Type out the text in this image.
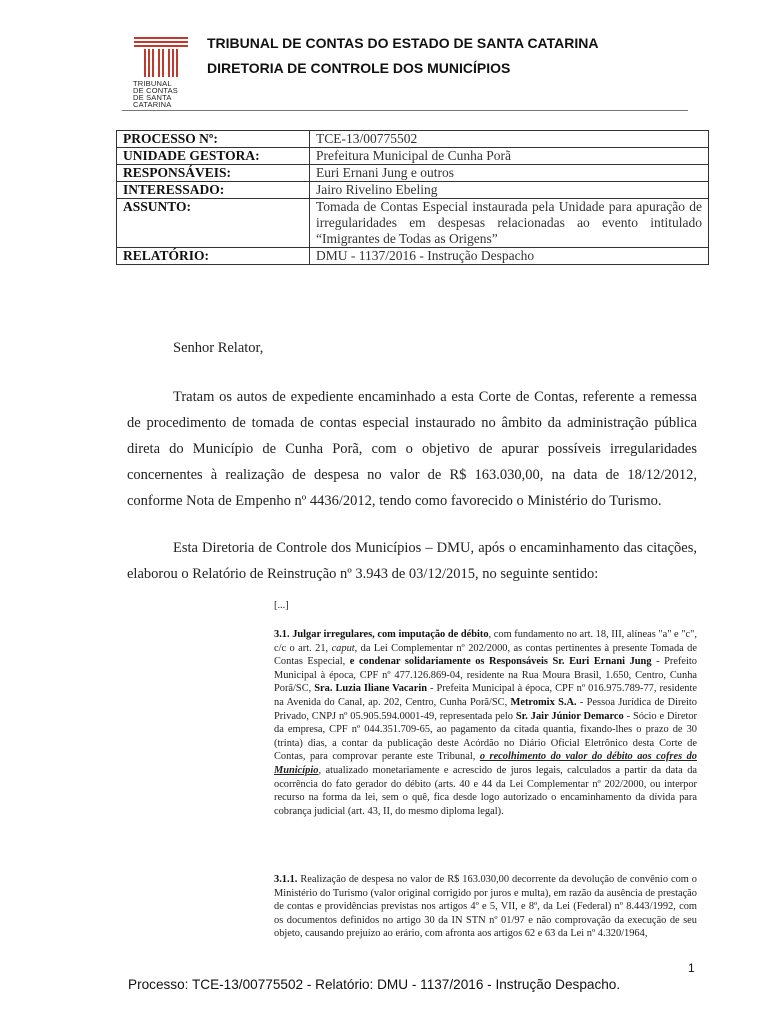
TRIBUNAL
DE CONTAS
DE SANTA
CATARINA
TRIBUNAL DE CONTAS DO ESTADO DE SANTA CATARINA
DIRETORIA DE CONTROLE DOS MUNICÍPIOS
PROCESSO Nº:	TCE-13/00775502
UNIDADE GESTORA:	Prefeitura Municipal de Cunha Porã
RESPONSÁVEIS:	Euri Ernani Jung e outros
INTERESSADO:	Jairo Rivelino Ebeling
ASSUNTO:	Tomada de Contas Especial instaurada pela Unidade para apuração de irregularidades em despesas relacionadas ao evento intitulado “Imigrantes de Todas as Origens”
RELATÓRIO:	DMU - 1137/2016 - Instrução Despacho
Senhor Relator,

Tratam os autos de expediente encaminhado a esta Corte de Contas, referente a remessa de procedimento de tomada de contas especial instaurado no âmbito da administração pública direta do Município de Cunha Porã, com o objetivo de apurar possíveis irregularidades concernentes à realização de despesa no valor de R$ 163.030,00, na data de 18/12/2012, conforme Nota de Empenho nº 4436/2012, tendo como favorecido o Ministério do Turismo.

Esta Diretoria de Controle dos Municípios – DMU, após o encaminhamento das citações, elaborou o Relatório de Reinstrução nº 3.943 de 03/12/2015, no seguinte sentido:

[...]

3.1. Julgar irregulares, com imputação de débito, com fundamento no art. 18, III, alíneas "a" e "c", c/c o art. 21, caput, da Lei Complementar nº 202/2000, as contas pertinentes à presente Tomada de Contas Especial, e condenar solidariamente os Responsáveis Sr. Euri Ernani Jung - Prefeito Municipal à época, CPF nº 477.126.869-04, residente na Rua Moura Brasil, 1.650, Centro, Cunha Porã/SC, Sra. Luzia Iliane Vacarin - Prefeita Municipal à época, CPF nº 016.975.789-77, residente na Avenida do Canal, ap. 202, Centro, Cunha Porã/SC, Metromix S.A. - Pessoa Jurídica de Direito Privado, CNPJ nº 05.905.594.0001-49, representada pelo Sr. Jair Júnior Demarco - Sócio e Diretor da empresa, CPF nº 044.351.709-65, ao pagamento da citada quantia, fixando-lhes o prazo de 30 (trinta) dias, a contar da publicação deste Acórdão no Diário Oficial Eletrônico desta Corte de Contas, para comprovar perante este Tribunal, o recolhimento do valor do débito aos cofres do Município, atualizado monetariamente e acrescido de juros legais, calculados a partir da data da ocorrência do fato gerador do débito (arts. 40 e 44 da Lei Complementar nº 202/2000, ou interpor recurso na forma da lei, sem o quê, fica desde logo autorizado o encaminhamento da dívida para cobrança judicial (art. 43, II, do mesmo diploma legal).

3.1.1. Realização de despesa no valor de R$ 163.030,00 decorrente da devolução de convênio com o Ministério do Turismo (valor original corrigido por juros e multa), em razão da ausência de prestação de contas e providências previstas nos artigos 4º e 5, VII, e 8º, da Lei (Federal) nº 8.443/1992, com os documentos definidos no artigo 30 da IN STN nº 01/97 e não comprovação da execução de seu objeto, causando prejuízo ao erário, com afronta aos artigos 62 e 63 da Lei nº 4.320/1964,

1
Processo: TCE-13/00775502 - Relatório: DMU - 1137/2016 - Instrução Despacho.
